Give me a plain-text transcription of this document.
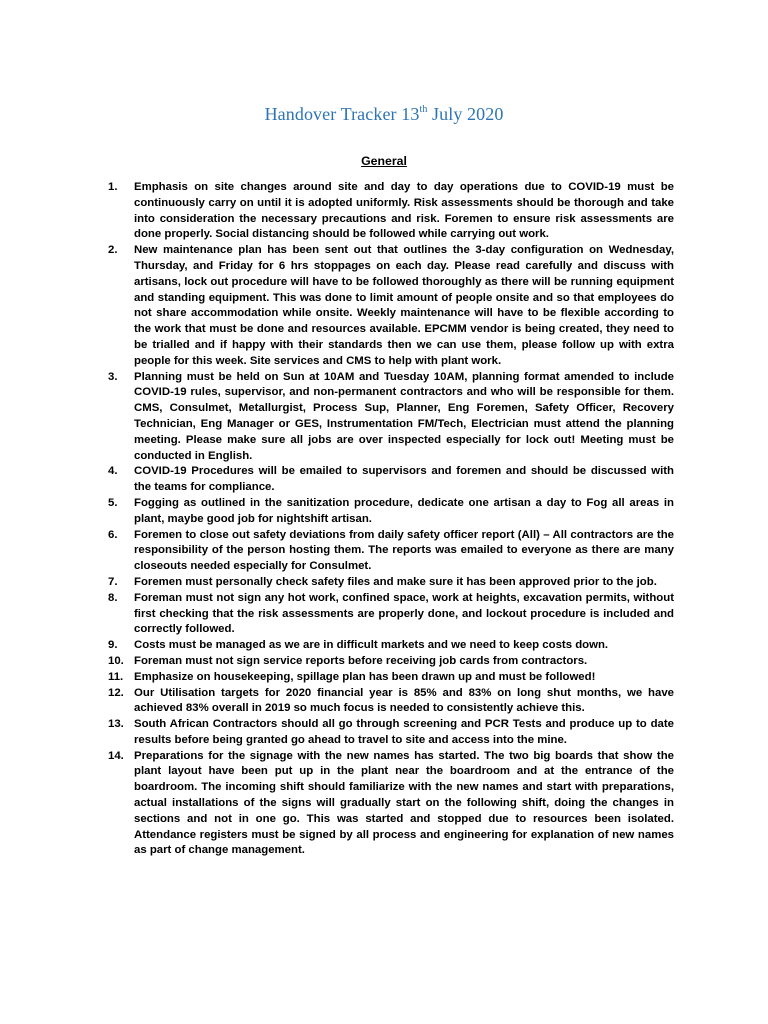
Handover Tracker 13th July 2020
General
1.	Emphasis on site changes around site and day to day operations due to COVID-19 must be continuously carry on until it is adopted uniformly. Risk assessments should be thorough and take into consideration the necessary precautions and risk. Foremen to ensure risk assessments are done properly. Social distancing should be followed while carrying out work.
2.	New maintenance plan has been sent out that outlines the 3-day configuration on Wednesday, Thursday, and Friday for 6 hrs stoppages on each day. Please read carefully and discuss with artisans, lock out procedure will have to be followed thoroughly as there will be running equipment and standing equipment. This was done to limit amount of people onsite and so that employees do not share accommodation while onsite. Weekly maintenance will have to be flexible according to the work that must be done and resources available. EPCMM vendor is being created, they need to be trialled and if happy with their standards then we can use them, please follow up with extra people for this week. Site services and CMS to help with plant work.
3.	Planning must be held on Sun at 10AM and Tuesday 10AM, planning format amended to include COVID-19 rules, supervisor, and non-permanent contractors and who will be responsible for them. CMS, Consulmet, Metallurgist, Process Sup, Planner, Eng Foremen, Safety Officer, Recovery Technician, Eng Manager or GES, Instrumentation FM/Tech, Electrician must attend the planning meeting. Please make sure all jobs are over inspected especially for lock out! Meeting must be conducted in English.
4.	COVID-19 Procedures will be emailed to supervisors and foremen and should be discussed with the teams for compliance.
5.	Fogging as outlined in the sanitization procedure, dedicate one artisan a day to Fog all areas in plant, maybe good job for nightshift artisan.
6.	Foremen to close out safety deviations from daily safety officer report (All) – All contractors are the responsibility of the person hosting them. The reports was emailed to everyone as there are many closeouts needed especially for Consulmet.
7.	Foremen must personally check safety files and make sure it has been approved prior to the job.
8.	Foreman must not sign any hot work, confined space, work at heights, excavation permits, without first checking that the risk assessments are properly done, and lockout procedure is included and correctly followed.
9.	Costs must be managed as we are in difficult markets and we need to keep costs down.
10. Foreman must not sign service reports before receiving job cards from contractors.
11. Emphasize on housekeeping, spillage plan has been drawn up and must be followed!
12. Our Utilisation targets for 2020 financial year is 85% and 83% on long shut months, we have achieved 83% overall in 2019 so much focus is needed to consistently achieve this.
13. South African Contractors should all go through screening and PCR Tests and produce up to date results before being granted go ahead to travel to site and access into the mine.
14. Preparations for the signage with the new names has started. The two big boards that show the plant layout have been put up in the plant near the boardroom and at the entrance of the boardroom. The incoming shift should familiarize with the new names and start with preparations, actual installations of the signs will gradually start on the following shift, doing the changes in sections and not in one go. This was started and stopped due to resources been isolated. Attendance registers must be signed by all process and engineering for explanation of new names as part of change management.
